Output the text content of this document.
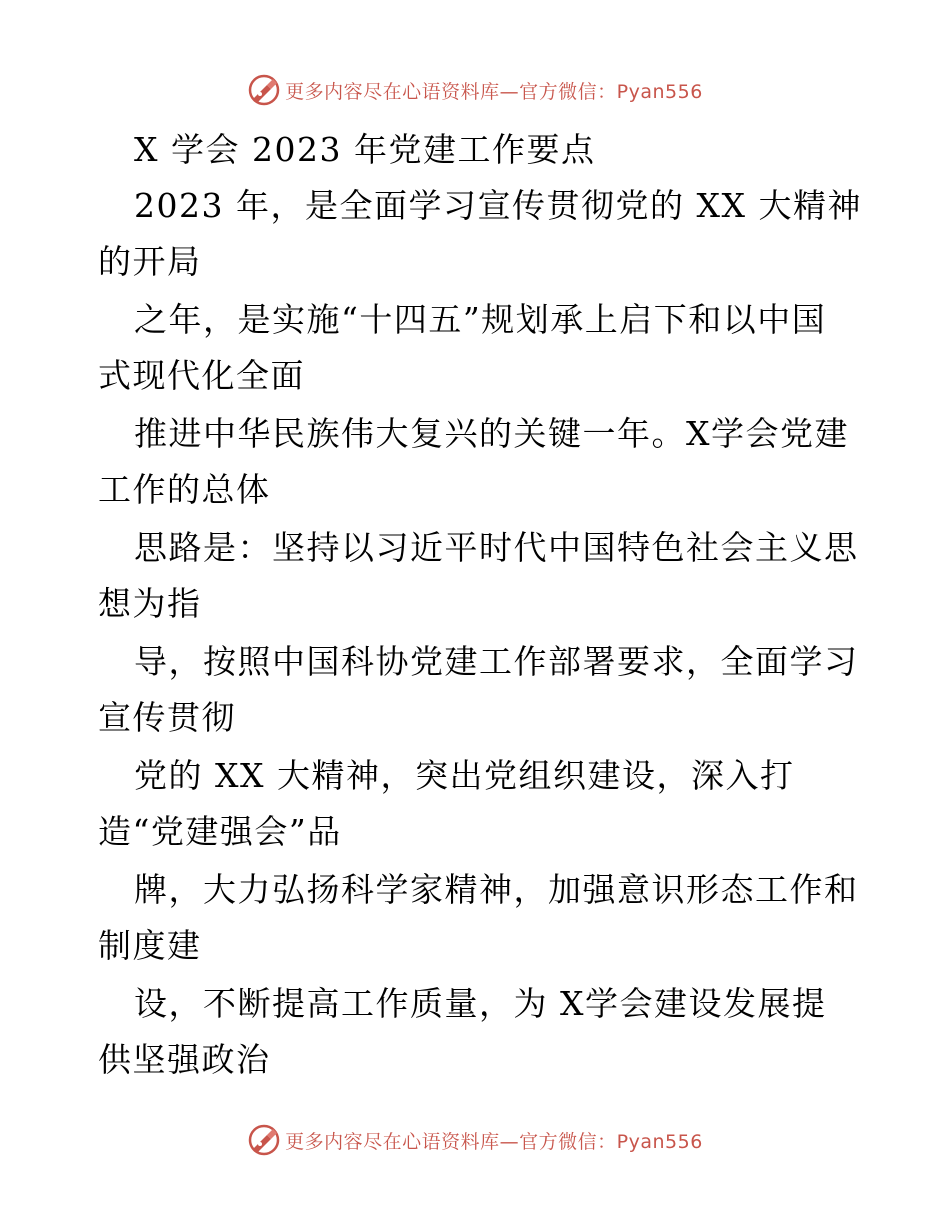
更多内容尽在心语资料库—官方微信：Pyan556
X 学会 2023 年党建工作要点
2023 年，是全面学习宣传贯彻党的 XX 大精神
的开局
之年，是实施“十四五”规划承上启下和以中国
式现代化全面
推进中华民族伟大复兴的关键一年。X学会党建
工作的总体
思路是：坚持以习近平时代中国特色社会主义思
想为指
导，按照中国科协党建工作部署要求，全面学习
宣传贯彻
党的 XX 大精神，突出党组织建设，深入打
造“党建强会”品
牌，大力弘扬科学家精神，加强意识形态工作和
制度建
设，不断提高工作质量，为 X学会建设发展提
供坚强政治
更多内容尽在心语资料库—官方微信：Pyan556
